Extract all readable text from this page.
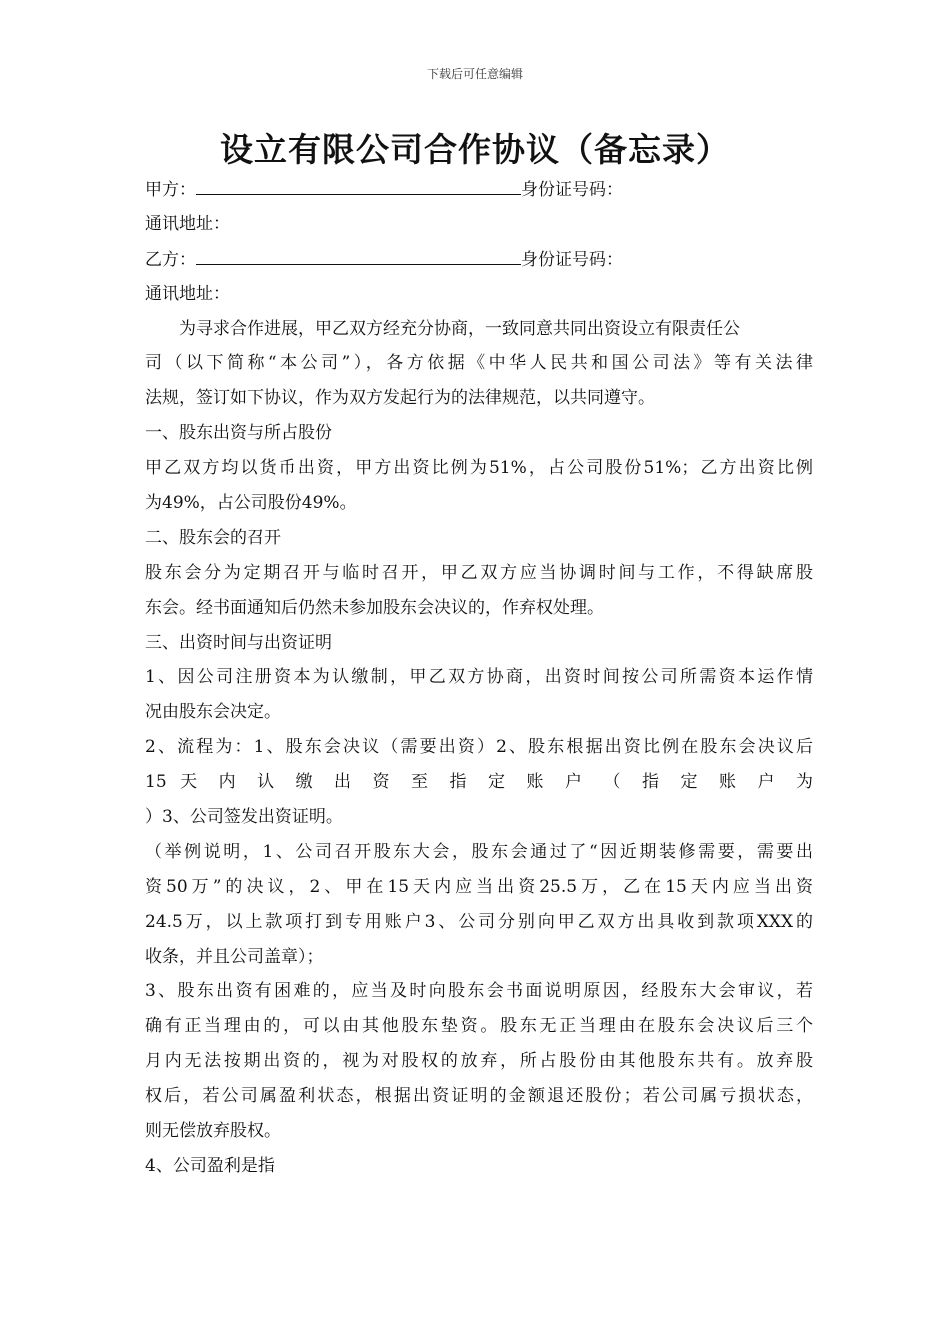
下载后可任意编辑
设立有限公司合作协议（备忘录）
甲方：	身份证号码：
通讯地址：
乙方：	身份证号码：
通讯地址：
为寻求合作进展，甲乙双方经充分协商，一致同意共同出资设立有限责任公
司（以下简称“本公司”），各方依据《中华人民共和国公司法》等有关法律
法规，签订如下协议，作为双方发起行为的法律规范，以共同遵守。
一、股东出资与所占股份
甲乙双方均以货币出资，甲方出资比例为51%，占公司股份51%；乙方出资比例
为49%，占公司股份49%。
二、股东会的召开
股东会分为定期召开与临时召开，甲乙双方应当协调时间与工作，不得缺席股
东会。经书面通知后仍然未参加股东会决议的，作弃权处理。
三、出资时间与出资证明
1、因公司注册资本为认缴制，甲乙双方协商，出资时间按公司所需资本运作情
况由股东会决定。
2、流程为：1、股东会决议（需要出资）2、股东根据出资比例在股东会决议后
15 天 内 认 缴 出 资 至 指 定 账 户 （ 指 定 账 户 为
）3、公司签发出资证明。
（举例说明，1、公司召开股东大会，股东会通过了“因近期装修需要，需要出
资50万”的决议，2、甲在15天内应当出资25.5万，乙在15天内应当出资
24.5万，以上款项打到专用账户3、公司分别向甲乙双方出具收到款项XXX的
收条，并且公司盖章）；
3、股东出资有困难的，应当及时向股东会书面说明原因，经股东大会审议，若
确有正当理由的，可以由其他股东垫资。股东无正当理由在股东会决议后三个
月内无法按期出资的，视为对股权的放弃，所占股份由其他股东共有。放弃股
权后，若公司属盈利状态，根据出资证明的金额退还股份；若公司属亏损状态，
则无偿放弃股权。
4、公司盈利是指
